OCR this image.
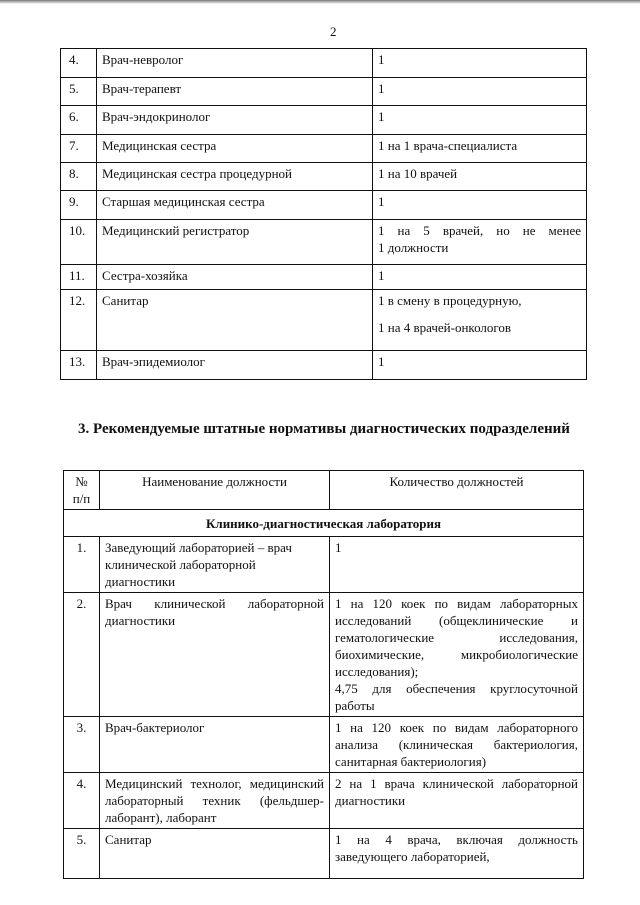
2
4.	Врач-невролог	1

5.	Врач-терапевт	1

6.	Врач-эндокринолог	1

7.	Медицинская сестра	1 на 1 врача-специалиста

8.	Медицинская сестра процедурной	1 на 10 врачей

9.	Старшая медицинская сестра	1

10.	Медицинский регистратор	1 на 5 врачей, но не менее
1 должности

11.	Сестра-хозяйка	1

12.	Санитар	1 в смену в процедурную,
1 на 4 врачей-онкологов

13.	Врач-эпидемиолог	1
3. Рекомендуемые штатные нормативы диагностических подразделений
№
п/п	Наименование должности	Количество должностей

Клинико-диагностическая лаборатория		

1.	Заведующий лабораторией – врач клинической лабораторной диагностики	1

2.	Врач клинической лабораторной диагностики	1 на 120 коек по видам лабораторных исследований (общеклинические и гематологические исследования, биохимические, микробиологические исследования);
4,75 для обеспечения круглосуточной работы

3.	Врач-бактериолог	1 на 120 коек по видам лабораторного анализа (клиническая бактериология, санитарная бактериология)

4.	Медицинский технолог, медицинский лабораторный техник (фельдшер-лаборант), лаборант	2 на 1 врача клинической лабораторной диагностики

5.	Санитар	1 на 4 врача, включая должность заведующего лабораторией,
